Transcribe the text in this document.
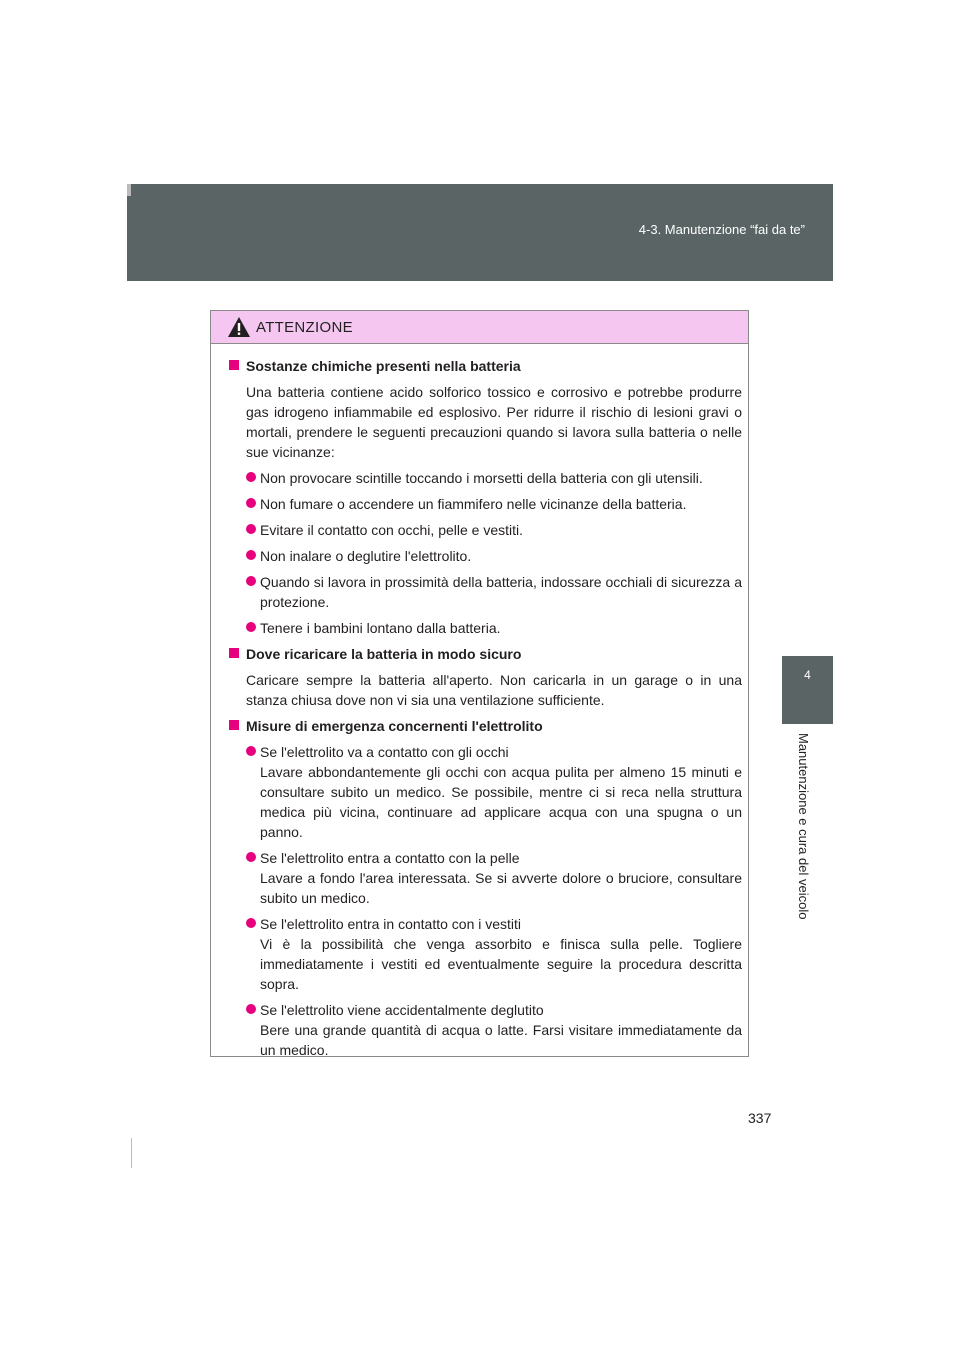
4-3. Manutenzione “fai da te”
4
Manutenzione e cura del veicolo
ATTENZIONE
Sostanze chimiche presenti nella batteria
Una batteria contiene acido solforico tossico e corrosivo e potrebbe produrre gas idrogeno infiammabile ed esplosivo. Per ridurre il rischio di lesioni gravi o mortali, prendere le seguenti precauzioni quando si lavora sulla batteria o nelle sue vicinanze:
Non provocare scintille toccando i morsetti della batteria con gli utensili.
Non fumare o accendere un fiammifero nelle vicinanze della batteria.
Evitare il contatto con occhi, pelle e vestiti.
Non inalare o deglutire l'elettrolito.
Quando si lavora in prossimità della batteria, indossare occhiali di sicurezza a protezione.
Tenere i bambini lontano dalla batteria.
Dove ricaricare la batteria in modo sicuro
Caricare sempre la batteria all'aperto. Non caricarla in un garage o in una stanza chiusa dove non vi sia una ventilazione sufficiente.
Misure di emergenza concernenti l'elettrolito
Se l'elettrolito va a contatto con gli occhi
Lavare abbondantemente gli occhi con acqua pulita per almeno 15 minuti e consultare subito un medico. Se possibile, mentre ci si reca nella struttura medica più vicina, continuare ad applicare acqua con una spugna o un panno.
Se l'elettrolito entra a contatto con la pelle
Lavare a fondo l'area interessata. Se si avverte dolore o bruciore, consultare subito un medico.
Se l'elettrolito entra in contatto con i vestiti
Vi è la possibilità che venga assorbito e finisca sulla pelle. Togliere immediatamente i vestiti ed eventualmente seguire la procedura descritta sopra.
Se l'elettrolito viene accidentalmente deglutito
Bere una grande quantità di acqua o latte. Farsi visitare immediatamente da un medico.
337
